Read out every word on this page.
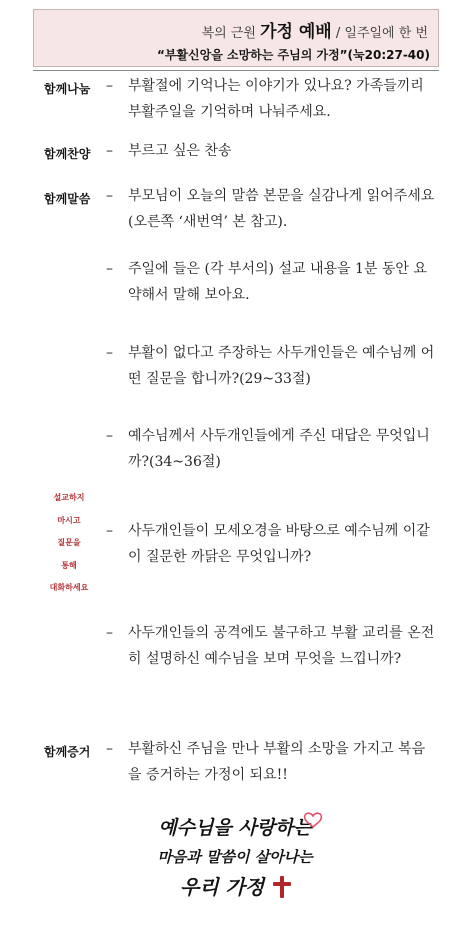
복의 근원 가정 예배 / 일주일에 한 번
“부활신앙을 소망하는 주님의 가정”(눅20:27-40)
함께나눔 – 부활절에 기억나는 이야기가 있나요? 가족들끼리 부활주일을 기억하며 나눠주세요.
함께찬양 – 부르고 싶은 찬송
함께말씀 – 부모님이 오늘의 말씀 본문을 실감나게 읽어주세요(오른쪽 ‘새번역’ 본 참고).
– 주일에 들은 (각 부서의) 설교 내용을 1분 동안 요약해서 말해 보아요.
– 부활이 없다고 주장하는 사두개인들은 예수님께 어떤 질문을 합니까?(29~33절)
– 예수님께서 사두개인들에게 주신 대답은 무엇입니까?(34~36절)
– 사두개인들이 모세오경을 바탕으로 예수님께 이같이 질문한 까닭은 무엇입니까?
– 사두개인들의 공격에도 불구하고 부활 교리를 온전히 설명하신 예수님을 보며 무엇을 느낍니까?
설교하지
마시고
질문을
통해
대화하세요
함께증거 – 부활하신 주님을 만나 부활의 소망을 가지고 복음을 증거하는 가정이 되요!!
예수님을 사랑하는
마음과 말씀이 살아나는
우리 가정
